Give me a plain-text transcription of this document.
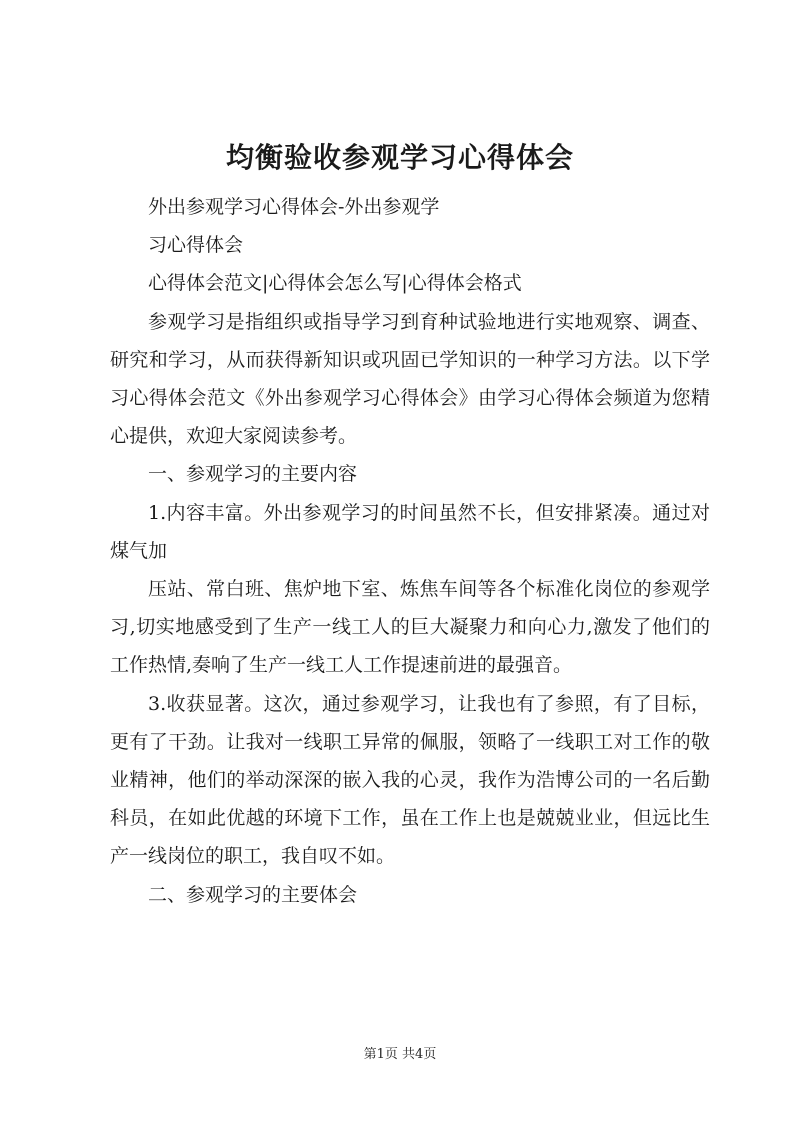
均衡验收参观学习心得体会

外出参观学习心得体会-外出参观学

习心得体会

心得体会范文|心得体会怎么写|心得体会格式

参观学习是指组织或指导学习到育种试验地进行实地观察、调查、研究和学习，从而获得新知识或巩固已学知识的一种学习方法。以下学习心得体会范文《外出参观学习心得体会》由学习心得体会频道为您精心提供，欢迎大家阅读参考。

一、参观学习的主要内容

1.内容丰富。外出参观学习的时间虽然不长，但安排紧凑。通过对煤气加

压站、常白班、焦炉地下室、炼焦车间等各个标准化岗位的参观学习,切实地感受到了生产一线工人的巨大凝聚力和向心力,激发了他们的工作热情,奏响了生产一线工人工作提速前进的最强音。

3.收获显著。这次，通过参观学习，让我也有了参照，有了目标，更有了干劲。让我对一线职工异常的佩服，领略了一线职工对工作的敬业精神，他们的举动深深的嵌入我的心灵，我作为浩博公司的一名后勤科员，在如此优越的环境下工作，虽在工作上也是兢兢业业，但远比生产一线岗位的职工，我自叹不如。

二、参观学习的主要体会

第1页 共4页
